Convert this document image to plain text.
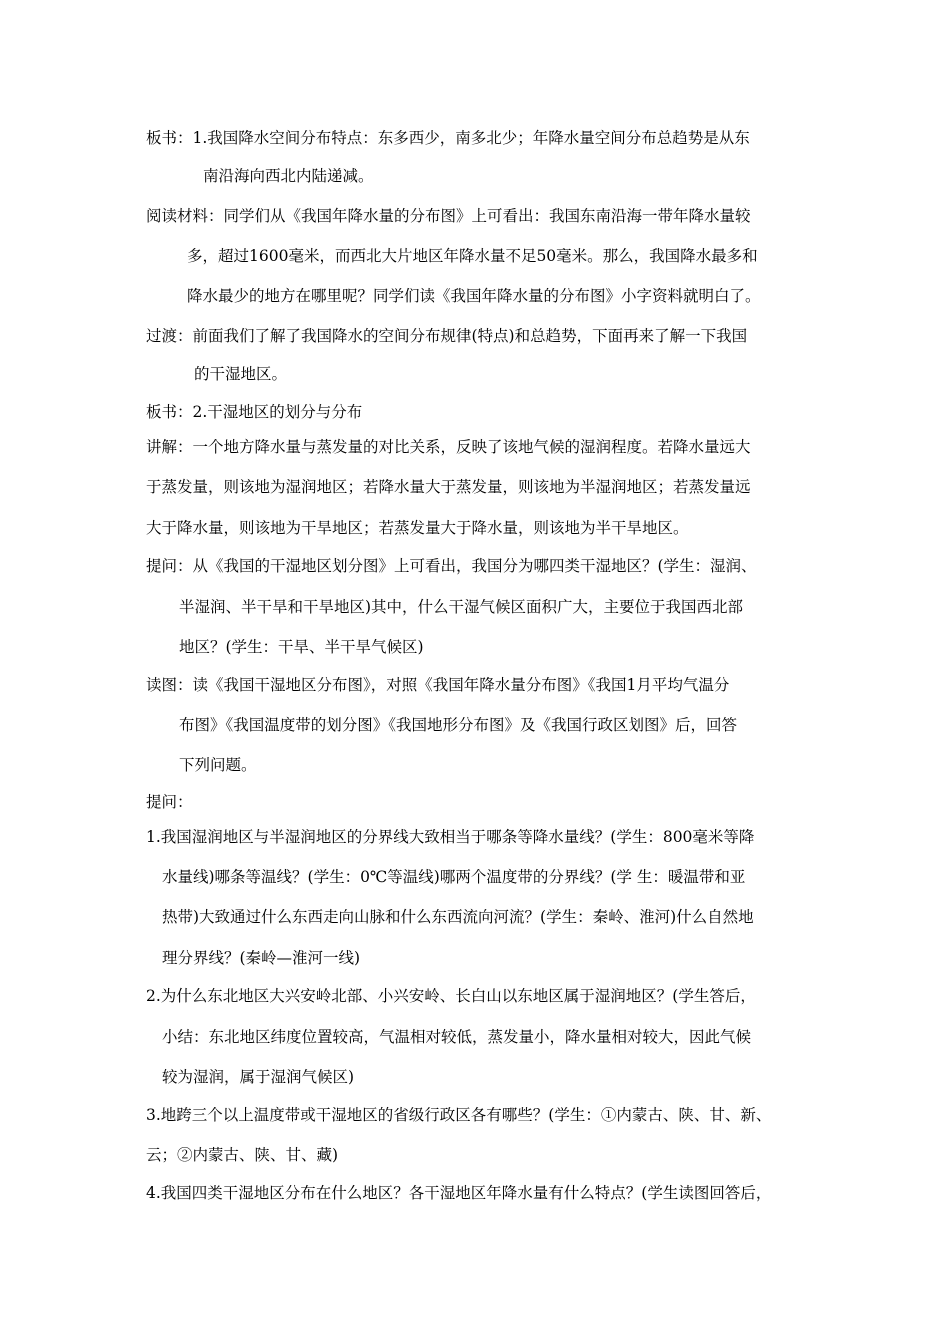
板书：1.我国降水空间分布特点：东多西少，南多北少；年降水量空间分布总趋势是从东

南沿海向西北内陆递减。

阅读材料：同学们从《我国年降水量的分布图》上可看出：我国东南沿海一带年降水量较

多，超过1600毫米，而西北大片地区年降水量不足50毫米。那么，我国降水最多和

降水最少的地方在哪里呢？同学们读《我国年降水量的分布图》小字资料就明白了。

过渡：前面我们了解了我国降水的空间分布规律(特点)和总趋势，下面再来了解一下我国

的干湿地区。

板书：2.干湿地区的划分与分布

讲解：一个地方降水量与蒸发量的对比关系，反映了该地气候的湿润程度。若降水量远大

于蒸发量，则该地为湿润地区；若降水量大于蒸发量，则该地为半湿润地区；若蒸发量远

大于降水量，则该地为干旱地区；若蒸发量大于降水量，则该地为半干旱地区。

提问：从《我国的干湿地区划分图》上可看出，我国分为哪四类干湿地区？(学生：湿润、

半湿润、半干旱和干旱地区)其中，什么干湿气候区面积广大，主要位于我国西北部

地区？(学生：干旱、半干旱气候区)

读图：读《我国干湿地区分布图》，对照《我国年降水量分布图》《我国1月平均气温分

布图》《我国温度带的划分图》《我国地形分布图》及《我国行政区划图》后，回答

下列问题。

提问：

1.我国湿润地区与半湿润地区的分界线大致相当于哪条等降水量线？(学生：800毫米等降

水量线)哪条等温线？(学生：0℃等温线)哪两个温度带的分界线？(学 生：暖温带和亚

热带)大致通过什么东西走向山脉和什么东西流向河流？(学生：秦岭、淮河)什么自然地

理分界线？(秦岭—淮河一线)

2.为什么东北地区大兴安岭北部、小兴安岭、长白山以东地区属于湿润地区？(学生答后，

小结：东北地区纬度位置较高，气温相对较低，蒸发量小，降水量相对较大，因此气候

较为湿润，属于湿润气候区)

3.地跨三个以上温度带或干湿地区的省级行政区各有哪些？(学生：①内蒙古、陕、甘、新、

云；②内蒙古、陕、甘、藏)

4.我国四类干湿地区分布在什么地区？各干湿地区年降水量有什么特点？(学生读图回答后，
